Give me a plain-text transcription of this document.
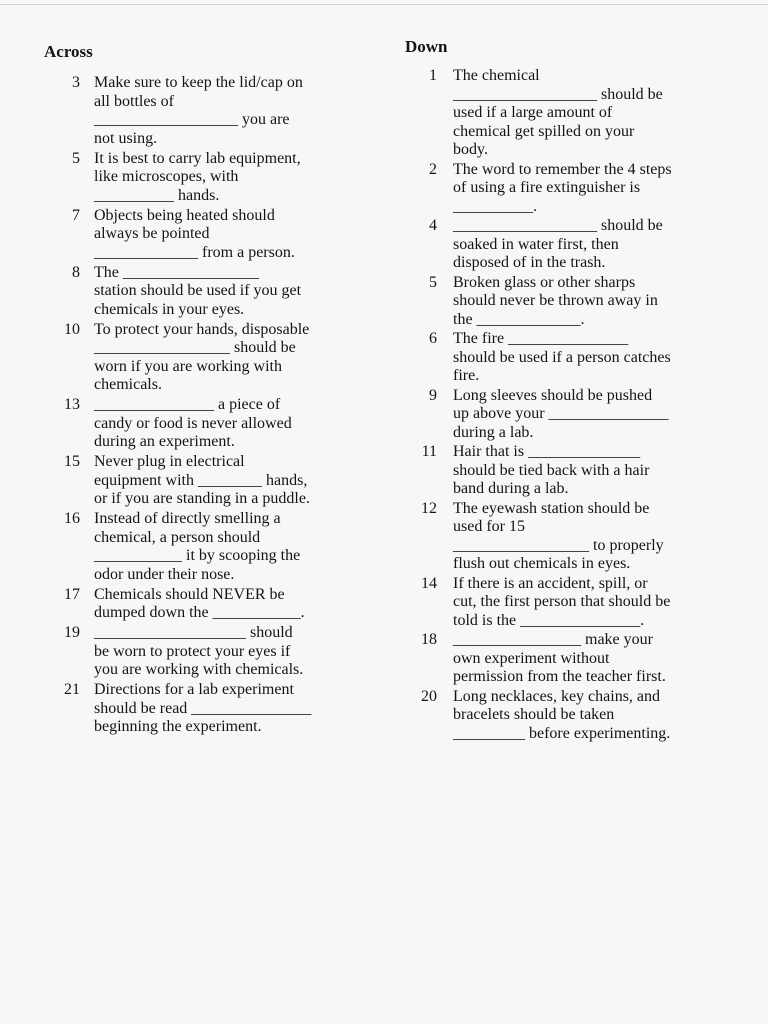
Across
3 Make sure to keep the lid/cap on
all bottles of
__________________ you are
not using.
5 It is best to carry lab equipment,
like microscopes, with
__________ hands.
7 Objects being heated should
always be pointed
_____________ from a person.
8 The _________________
station should be used if you get
chemicals in your eyes.
10 To protect your hands, disposable
_________________ should be
worn if you are working with
chemicals.
13 _______________ a piece of
candy or food is never allowed
during an experiment.
15 Never plug in electrical
equipment with ________ hands,
or if you are standing in a puddle.
16 Instead of directly smelling a
chemical, a person should
___________ it by scooping the
odor under their nose.
17 Chemicals should NEVER be
dumped down the ___________.
19 ___________________ should
be worn to protect your eyes if
you are working with chemicals.
21 Directions for a lab experiment
should be read _______________
beginning the experiment.
Down
1	The chemical
__________________ should be
used if a large amount of
chemical get spilled on your
body.
2	The word to remember the 4 steps
of using a fire extinguisher is
__________.
4	__________________ should be
soaked in water first, then
disposed of in the trash.
5	Broken glass or other sharps
should never be thrown away in
the _____________.
6	The fire _______________
should be used if a person catches
fire.
9	Long sleeves should be pushed
up above your _______________
during a lab.
11	Hair that is ______________
should be tied back with a hair
band during a lab.
12	The eyewash station should be
used for 15
_________________ to properly
flush out chemicals in eyes.
14	If there is an accident, spill, or
cut, the first person that should be
told is the _______________.
18	________________ make your
own experiment without
permission from the teacher first.
20	Long necklaces, key chains, and
bracelets should be taken
_________ before experimenting.
